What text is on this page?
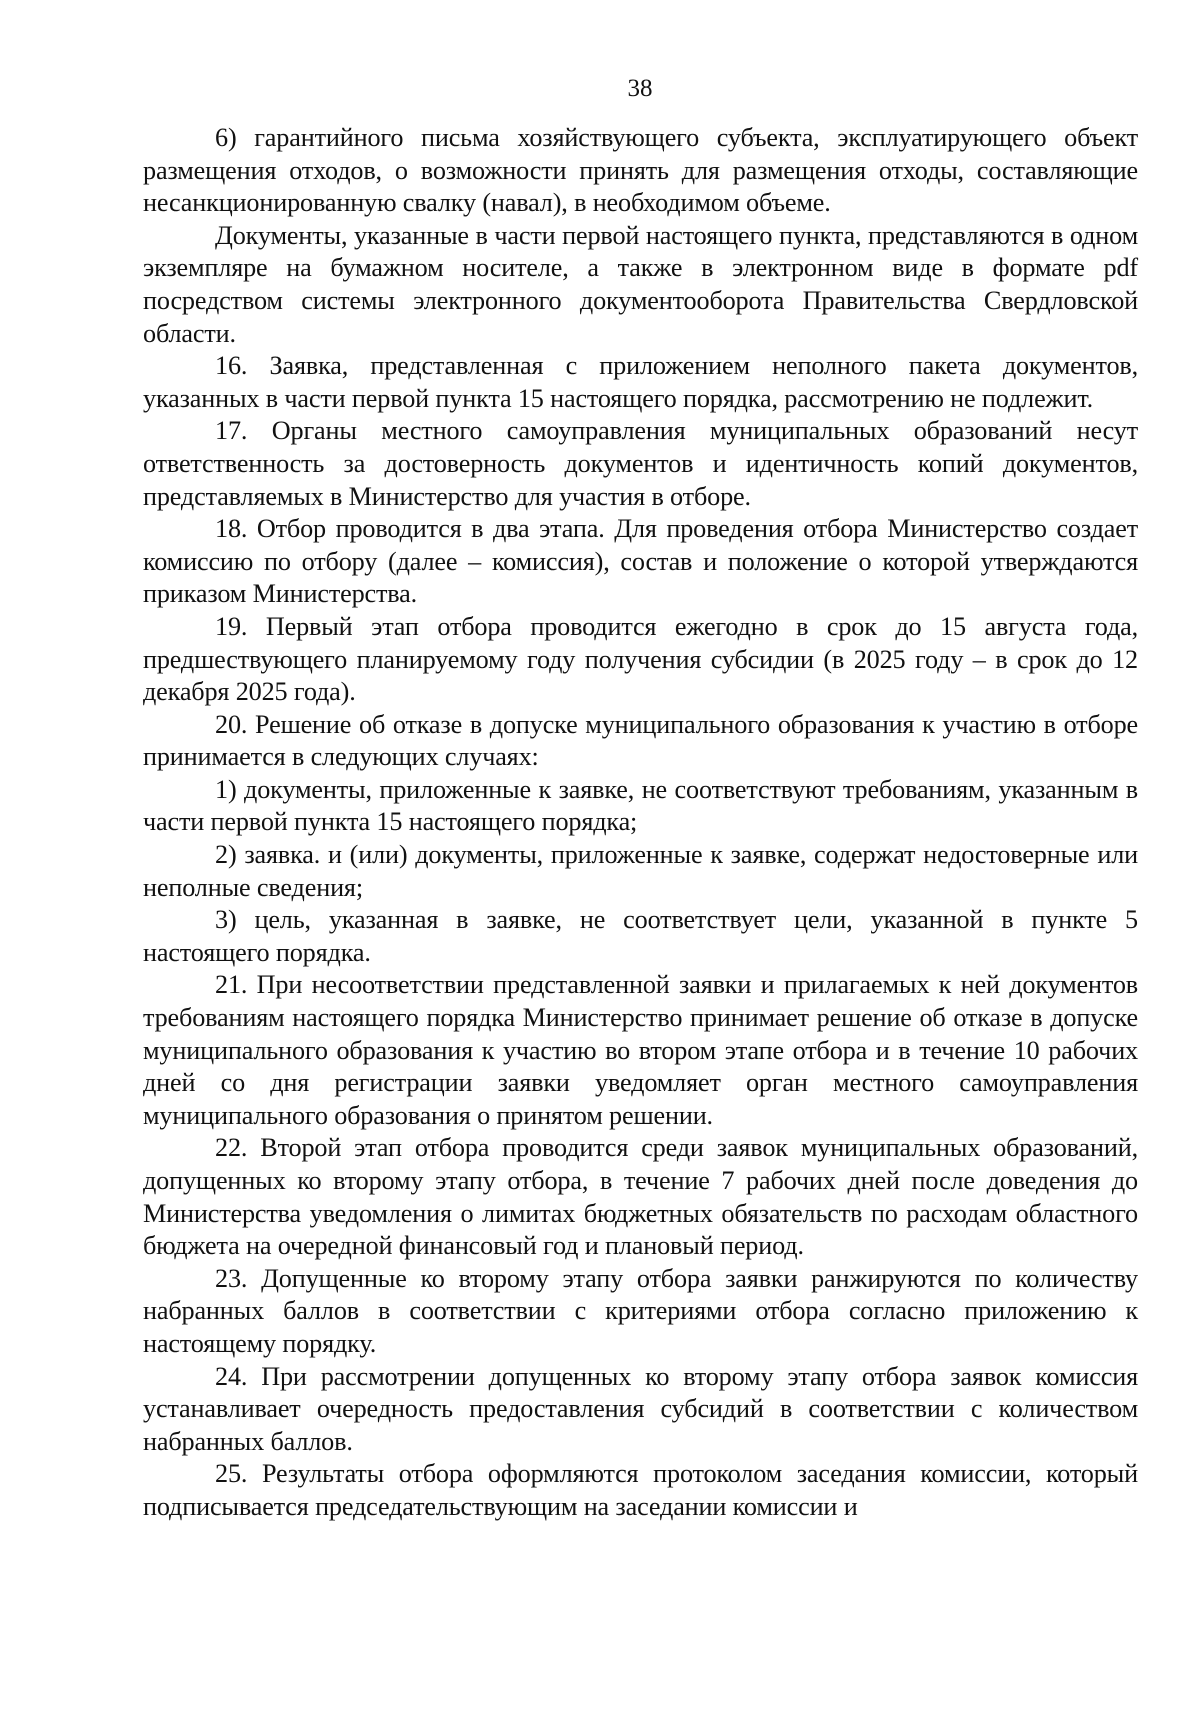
38

6) гарантийного письма хозяйствующего субъекта, эксплуатирующего объект размещения отходов, о возможности принять для размещения отходы, составляющие несанкционированную свалку (навал), в необходимом объеме.

Документы, указанные в части первой настоящего пункта, представляются в одном экземпляре на бумажном носителе, а также в электронном виде в формате pdf посредством системы электронного документооборота Правительства Свердловской области.

16. Заявка, представленная с приложением неполного пакета документов, указанных в части первой пункта 15 настоящего порядка, рассмотрению не подлежит.

17. Органы местного самоуправления муниципальных образований несут ответственность за достоверность документов и идентичность копий документов, представляемых в Министерство для участия в отборе.

18. Отбор проводится в два этапа. Для проведения отбора Министерство создает комиссию по отбору (далее – комиссия), состав и положение о которой утверждаются приказом Министерства.

19. Первый этап отбора проводится ежегодно в срок до 15 августа года, предшествующего планируемому году получения субсидии (в 2025 году – в срок до 12 декабря 2025 года).

20. Решение об отказе в допуске муниципального образования к участию в отборе принимается в следующих случаях:

1) документы, приложенные к заявке, не соответствуют требованиям, указанным в части первой пункта 15 настоящего порядка;

2) заявка. и (или) документы, приложенные к заявке, содержат недостоверные или неполные сведения;

3) цель, указанная в заявке, не соответствует цели, указанной в пункте 5 настоящего порядка.

21. При несоответствии представленной заявки и прилагаемых к ней документов требованиям настоящего порядка Министерство принимает решение об отказе в допуске муниципального образования к участию во втором этапе отбора и в течение 10 рабочих дней со дня регистрации заявки уведомляет орган местного самоуправления муниципального образования о принятом решении.

22. Второй этап отбора проводится среди заявок муниципальных образований, допущенных ко второму этапу отбора, в течение 7 рабочих дней после доведения до Министерства уведомления о лимитах бюджетных обязательств по расходам областного бюджета на очередной финансовый год и плановый период.

23. Допущенные ко второму этапу отбора заявки ранжируются по количеству набранных баллов в соответствии с критериями отбора согласно приложению к настоящему порядку.

24. При рассмотрении допущенных ко второму этапу отбора заявок комиссия устанавливает очередность предоставления субсидий в соответствии с количеством набранных баллов.

25. Результаты отбора оформляются протоколом заседания комиссии, который подписывается председательствующим на заседании комиссии и
